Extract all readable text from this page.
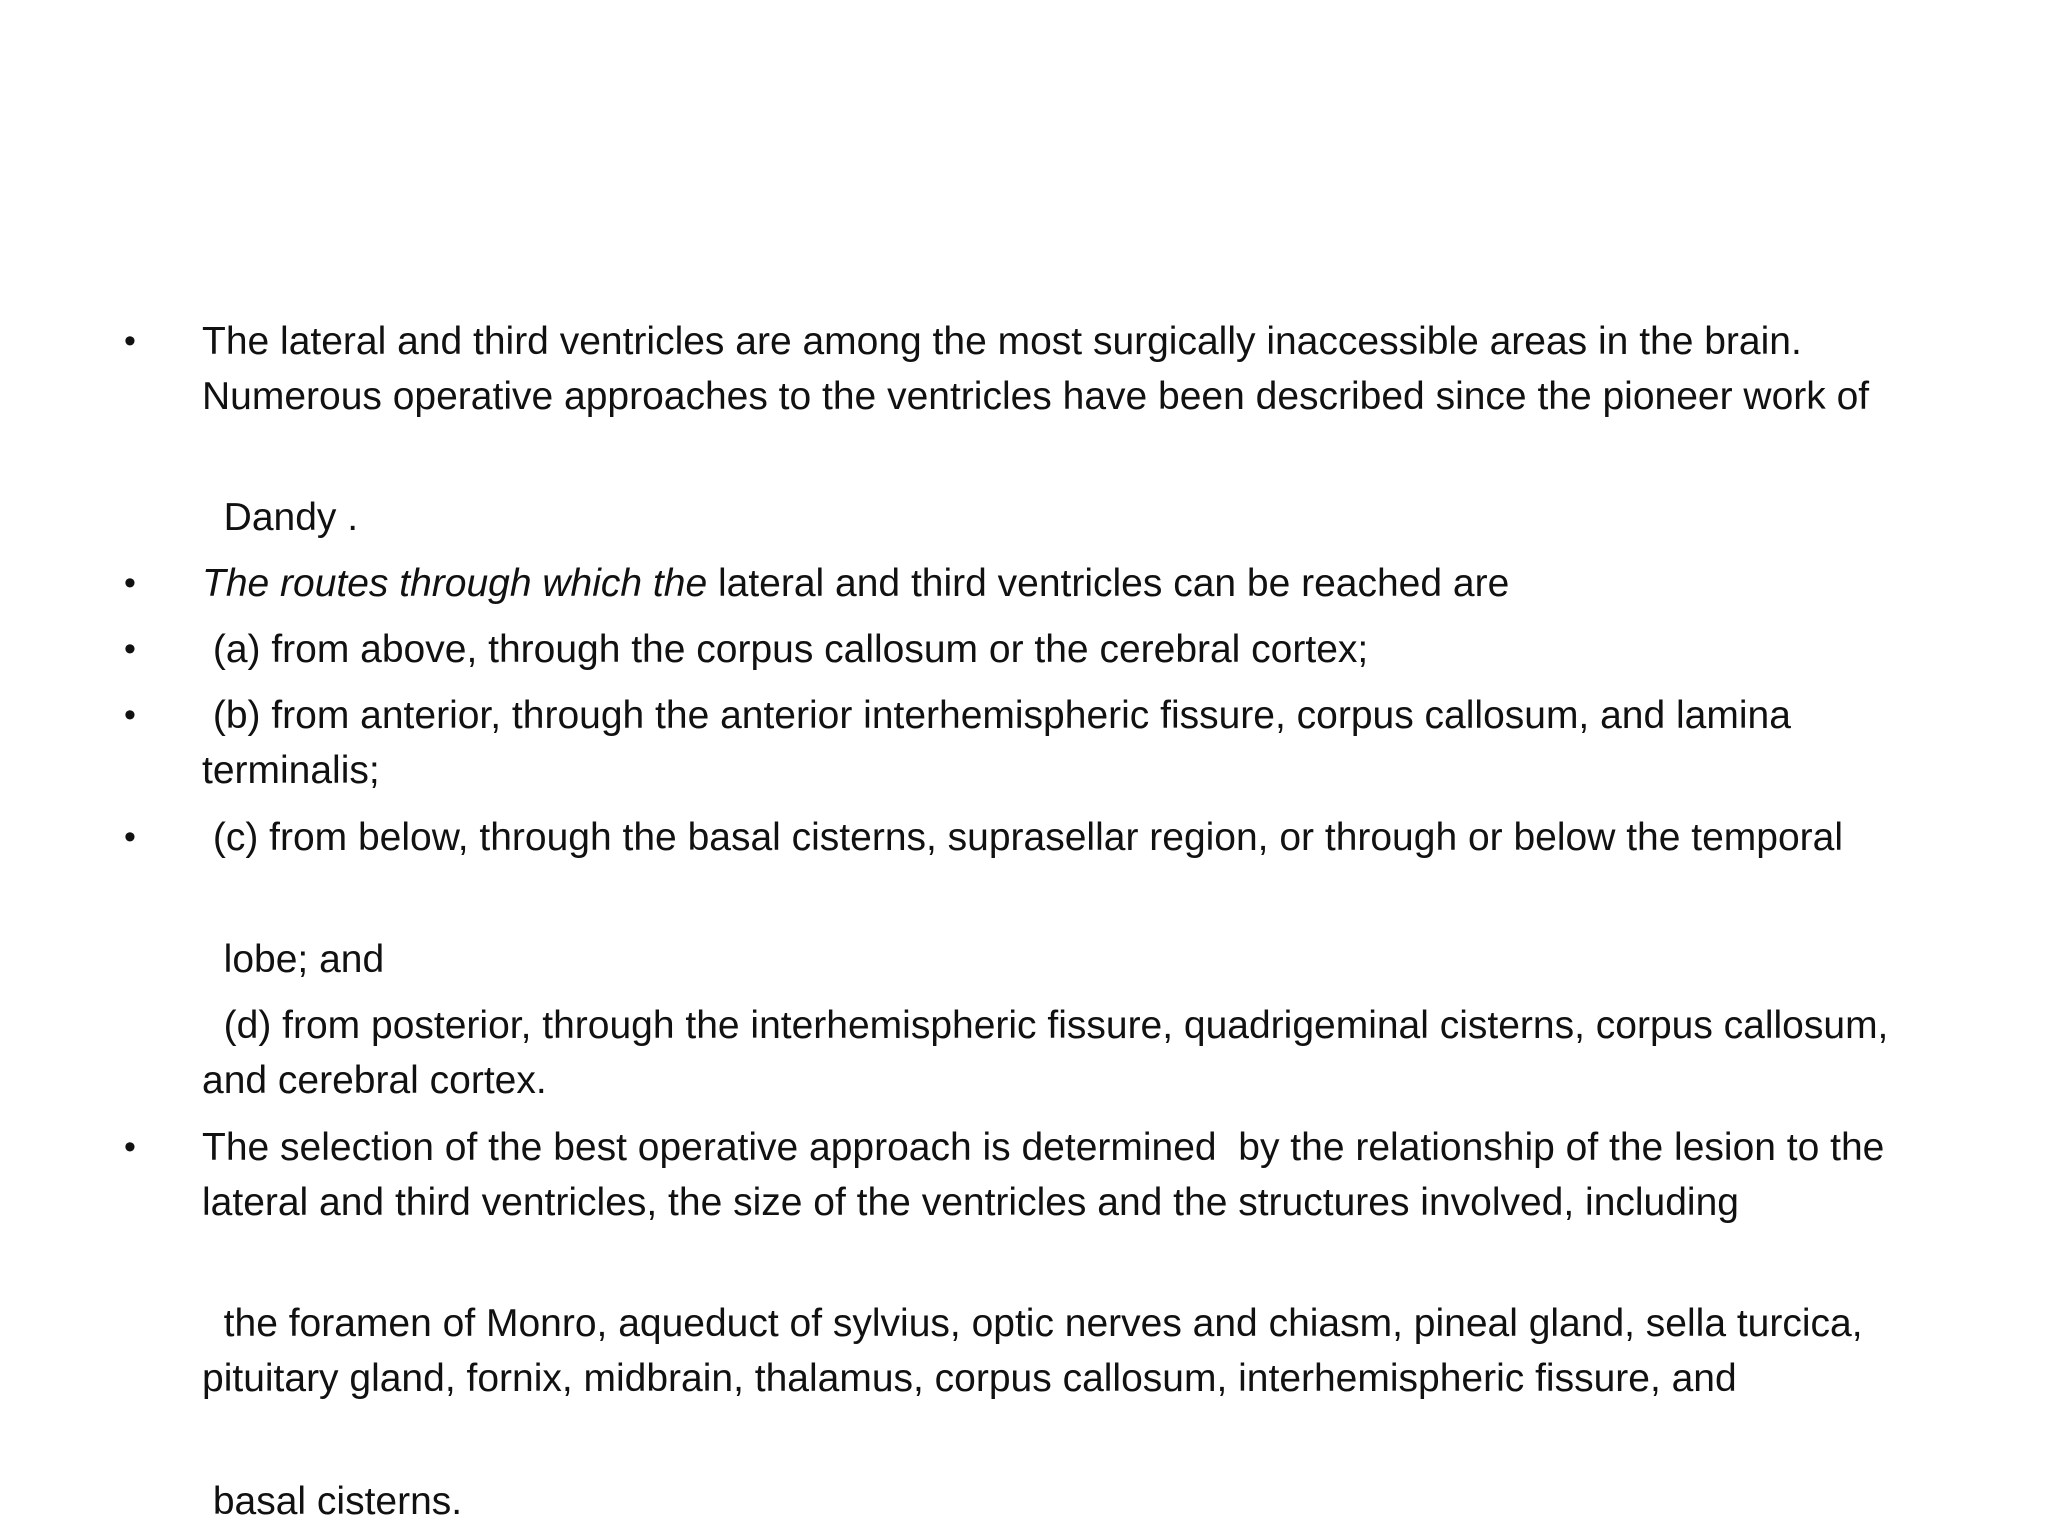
• The lateral and third ventricles are among the most surgically inaccessible areas in the brain. Numerous operative approaches to the ventricles have been described since the pioneer work of
Dandy .
• The routes through which the lateral and third ventricles can be reached are
• (a) from above, through the corpus callosum or the cerebral cortex;
• (b) from anterior, through the anterior interhemispheric fissure, corpus callosum, and lamina terminalis;
• (c) from below, through the basal cisterns, suprasellar region, or through or below the temporal
lobe; and
(d) from posterior, through the interhemispheric fissure, quadrigeminal cisterns, corpus callosum, and cerebral cortex.
• The selection of the best operative approach is determined  by the relationship of the lesion to the lateral and third ventricles, the size of the ventricles and the structures involved, including
the foramen of Monro, aqueduct of sylvius, optic nerves and chiasm, pineal gland, sella turcica, pituitary gland, fornix, midbrain, thalamus, corpus callosum, interhemispheric fissure, and
basal cisterns.
